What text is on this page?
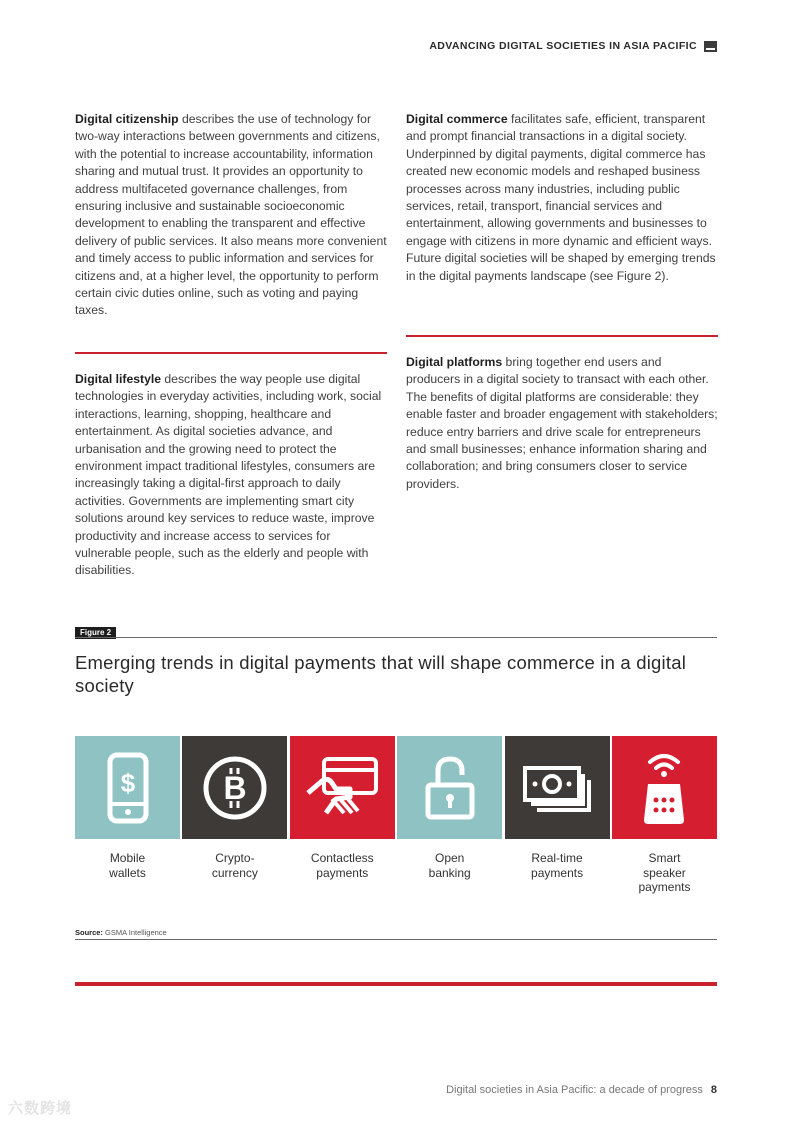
ADVANCING DIGITAL SOCIETIES IN ASIA PACIFIC

Digital citizenship describes the use of technology for two-way interactions between governments and citizens, with the potential to increase accountability, information sharing and mutual trust. It provides an opportunity to address multifaceted governance challenges, from ensuring inclusive and sustainable socioeconomic development to enabling the transparent and effective delivery of public services. It also means more convenient and timely access to public information and services for citizens and, at a higher level, the opportunity to perform certain civic duties online, such as voting and paying taxes.

Digital lifestyle describes the way people use digital technologies in everyday activities, including work, social interactions, learning, shopping, healthcare and entertainment. As digital societies advance, and urbanisation and the growing need to protect the environment impact traditional lifestyles, consumers are increasingly taking a digital-first approach to daily activities. Governments are implementing smart city solutions around key services to reduce waste, improve productivity and increase access to services for vulnerable people, such as the elderly and people with disabilities.

Digital commerce facilitates safe, efficient, transparent and prompt financial transactions in a digital society. Underpinned by digital payments, digital commerce has created new economic models and reshaped business processes across many industries, including public services, retail, transport, financial services and entertainment, allowing governments and businesses to engage with citizens in more dynamic and efficient ways. Future digital societies will be shaped by emerging trends in the digital payments landscape (see Figure 2).

Digital platforms bring together end users and producers in a digital society to transact with each other. The benefits of digital platforms are considerable: they enable faster and broader engagement with stakeholders; reduce entry barriers and drive scale for entrepreneurs and small businesses; enhance information sharing and collaboration; and bring consumers closer to service providers.

Figure 2
Emerging trends in digital payments that will shape commerce in a digital society
$
Mobile
wallets
B
Crypto-
currency
Contactless
payments
Open
banking
Real-time
payments
Smart
speaker
payments
Source: GSMA Intelligence
Digital societies in Asia Pacific: a decade of progress 8
六数跨境
